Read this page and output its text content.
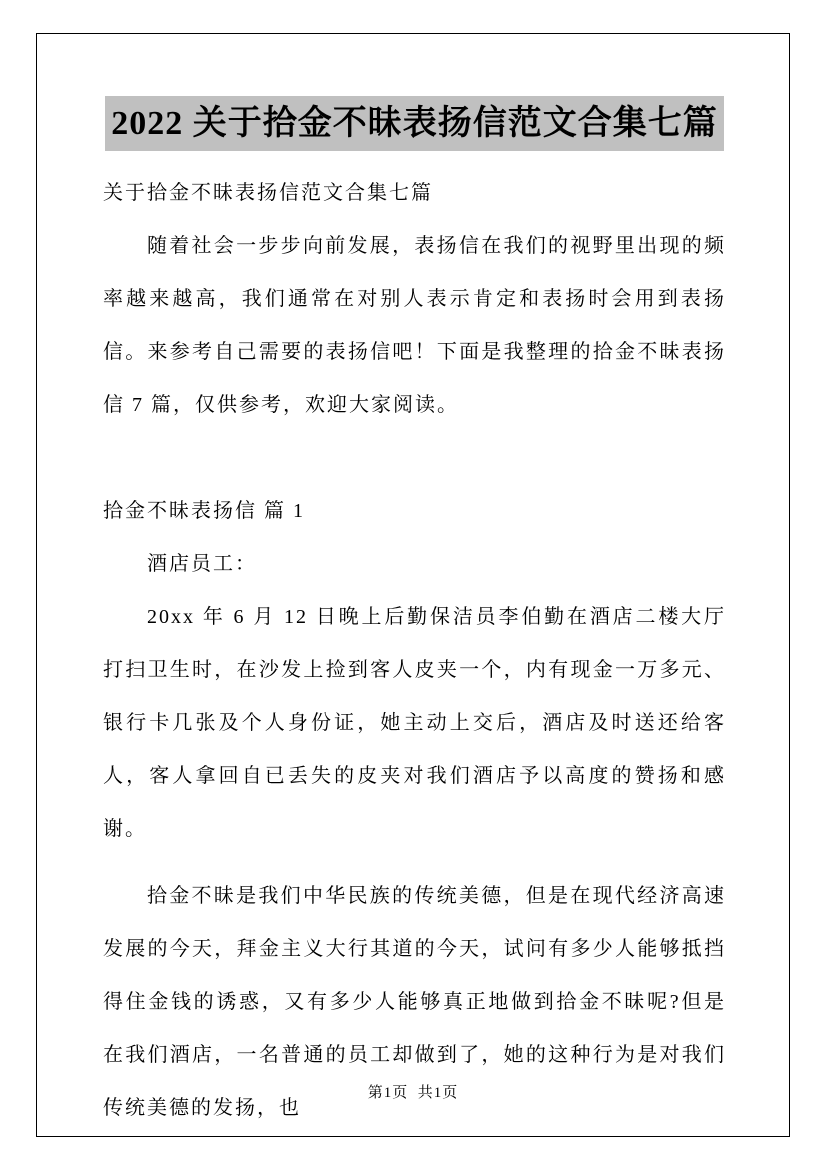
2022 关于拾金不昧表扬信范文合集七篇

关于拾金不昧表扬信范文合集七篇

随着社会一步步向前发展，表扬信在我们的视野里出现的频率越来越高，我们通常在对别人表示肯定和表扬时会用到表扬信。来参考自己需要的表扬信吧！下面是我整理的拾金不昧表扬信 7 篇，仅供参考，欢迎大家阅读。

拾金不昧表扬信 篇 1

酒店员工：

20xx 年 6 月 12 日晚上后勤保洁员李伯勤在酒店二楼大厅打扫卫生时，在沙发上捡到客人皮夹一个，内有现金一万多元、银行卡几张及个人身份证，她主动上交后，酒店及时送还给客人，客人拿回自已丢失的皮夹对我们酒店予以高度的赞扬和感谢。

拾金不昧是我们中华民族的传统美德，但是在现代经济高速发展的今天，拜金主义大行其道的今天，试问有多少人能够抵挡得住金钱的诱惑，又有多少人能够真正地做到拾金不昧呢?但是在我们酒店，一名普通的员工却做到了，她的这种行为是对我们传统美德的发扬，也

第1页  共1页
